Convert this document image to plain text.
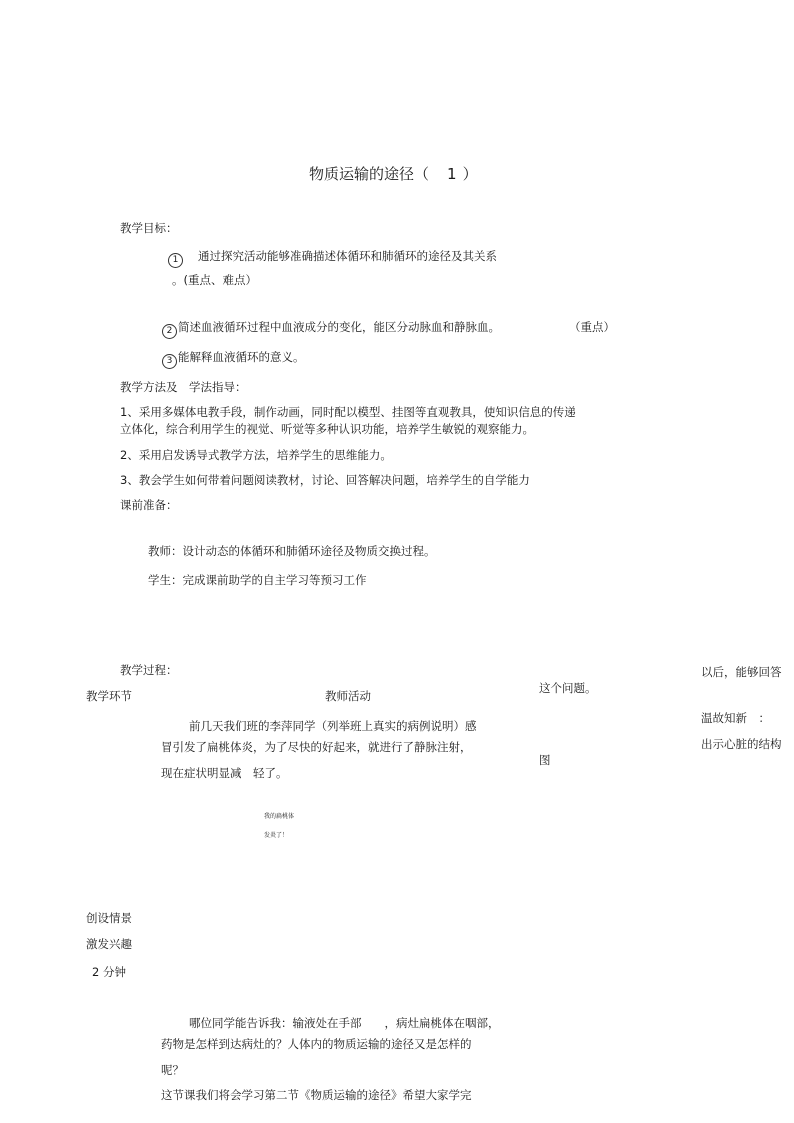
物质运输的途径（ 1 ）
教学目标：
1 通过探究活动能够准确描述体循环和肺循环的途径及其关系
。(重点、难点）
2 简述血液循环过程中血液成分的变化，能区分动脉血和静脉血。	（重点）
3 能解释血液循环的意义。
教学方法及　学法指导：
1、采用多媒体电教手段，制作动画，同时配以模型、挂图等直观教具，使知识信息的传递
立体化，综合利用学生的视觉、听觉等多种认识功能，培养学生敏锐的观察能力。
2、采用启发诱导式教学方法，培养学生的思维能力。
3、教会学生如何带着问题阅读教材，讨论、回答解决问题，培养学生的自学能力
课前准备：
教师：设计动态的体循环和肺循环途径及物质交换过程。
学生：完成课前助学的自主学习等预习工作
教学过程：
教学环节	教师活动
前几天我们班的李萍同学（列举班上真实的病例说明）感
冒引发了扁桃体炎，为了尽快的好起来，就进行了静脉注射，
现在症状明显减　轻了。
我的扁桃体
发炎了！
创设情景
激发兴趣
2 分钟
哪位同学能告诉我：输液处在手部　　，病灶扁桃体在咽部，
药物是怎样到达病灶的？人体内的物质运输的途径又是怎样的
呢？
这节课我们将会学习第二节《物质运输的途径》希望大家学完
这个问题。
图
以后，能够回答
温故知新　：
出示心脏的结构
